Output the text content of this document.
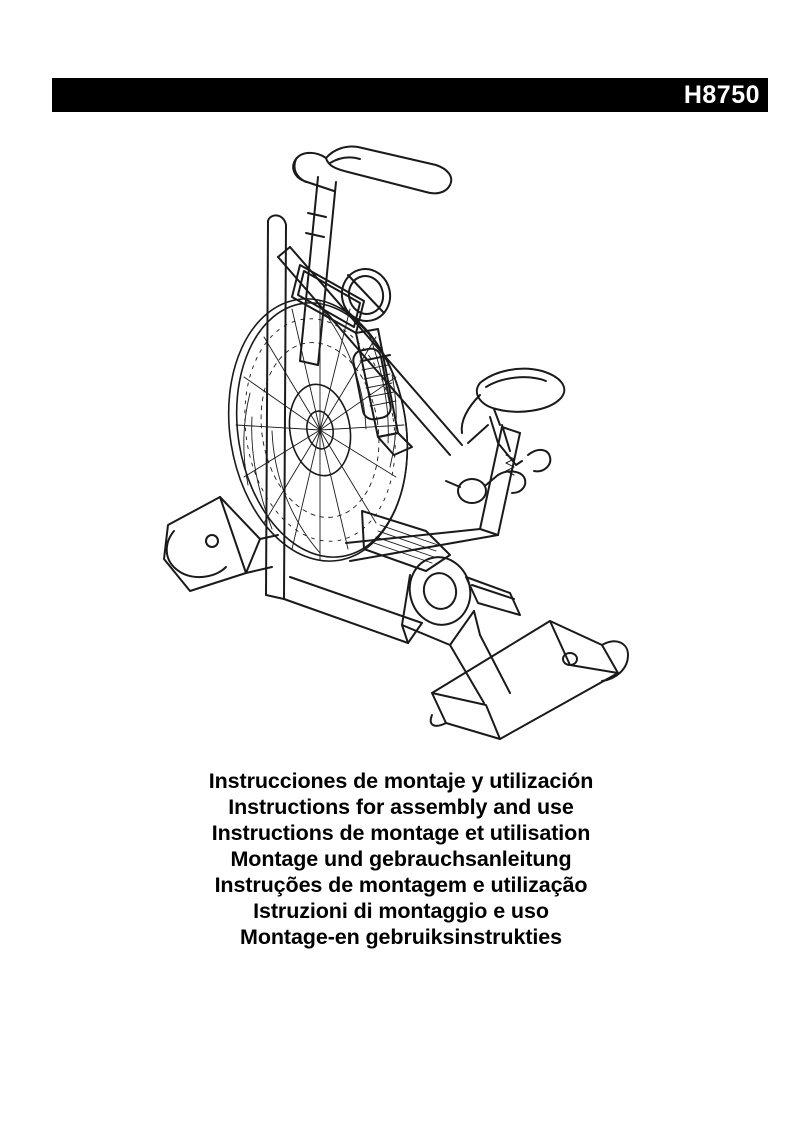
H8750
Instrucciones de montaje y utilización
Instructions for assembly and use
Instructions de montage et utilisation
Montage und gebrauchsanleitung
Instruções de montagem e utilização
Istruzioni di montaggio e uso
Montage-en gebruiksinstrukties
